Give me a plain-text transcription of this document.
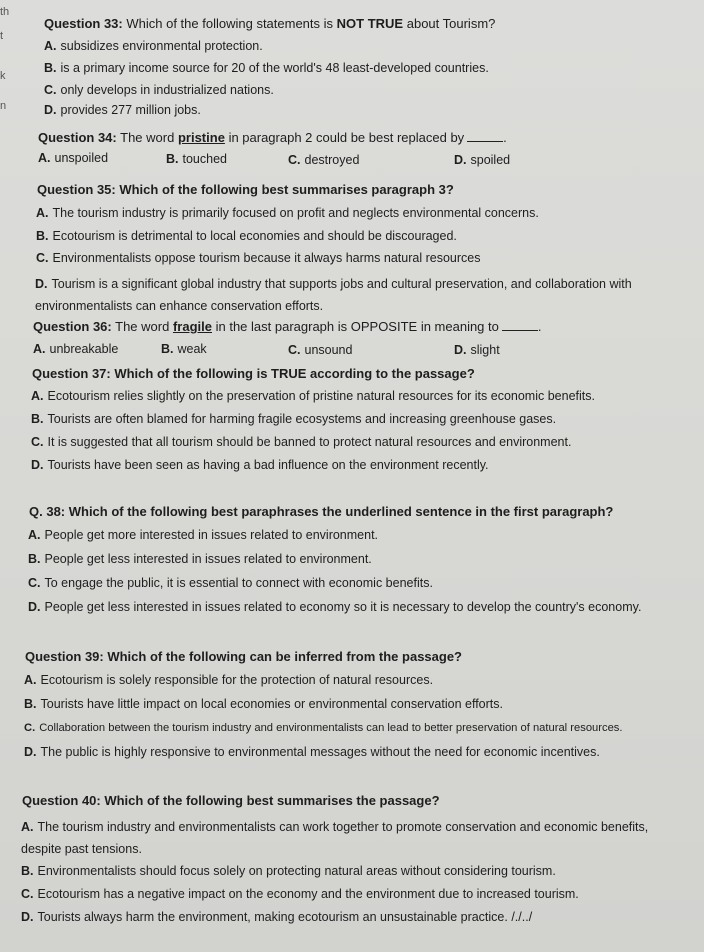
th
t
k
n
Question 33: Which of the following statements is NOT TRUE about Tourism?
A. subsidizes environmental protection.
B. is a primary income source for 20 of the world's 48 least-developed countries.
C. only develops in industrialized nations.
D. provides 277 million jobs.
Question 34: The word pristine in paragraph 2 could be best replaced by	.
A. unspoiled	B. touched	C. destroyed	D. spoiled
Question 35: Which of the following best summarises paragraph 3?
A. The tourism industry is primarily focused on profit and neglects environmental concerns.
B. Ecotourism is detrimental to local economies and should be discouraged.
C. Environmentalists oppose tourism because it always harms natural resources
D. Tourism is a significant global industry that supports jobs and cultural preservation, and collaboration with environmentalists can enhance conservation efforts.
Question 36: The word fragile in the last paragraph is OPPOSITE in meaning to	.
A. unbreakable	B. weak	C. unsound	D. slight
Question 37: Which of the following is TRUE according to the passage?
A. Ecotourism relies slightly on the preservation of pristine natural resources for its economic benefits.
B. Tourists are often blamed for harming fragile ecosystems and increasing greenhouse gases.
C. It is suggested that all tourism should be banned to protect natural resources and environment.
D. Tourists have been seen as having a bad influence on the environment recently.
Q. 38: Which of the following best paraphrases the underlined sentence in the first paragraph?
A. People get more interested in issues related to environment.
B. People get less interested in issues related to environment.
C. To engage the public, it is essential to connect with economic benefits.
D. People get less interested in issues related to economy so it is necessary to develop the country's economy.
Question 39: Which of the following can be inferred from the passage?
A. Ecotourism is solely responsible for the protection of natural resources.
B. Tourists have little impact on local economies or environmental conservation efforts.
C. Collaboration between the tourism industry and environmentalists can lead to better preservation of natural resources.
D. The public is highly responsive to environmental messages without the need for economic incentives.
Question 40: Which of the following best summarises the passage?
A. The tourism industry and environmentalists can work together to promote conservation and economic benefits, despite past tensions.
B. Environmentalists should focus solely on protecting natural areas without considering tourism.
C. Ecotourism has a negative impact on the economy and the environment due to increased tourism.
D. Tourists always harm the environment, making ecotourism an unsustainable practice. /./../
